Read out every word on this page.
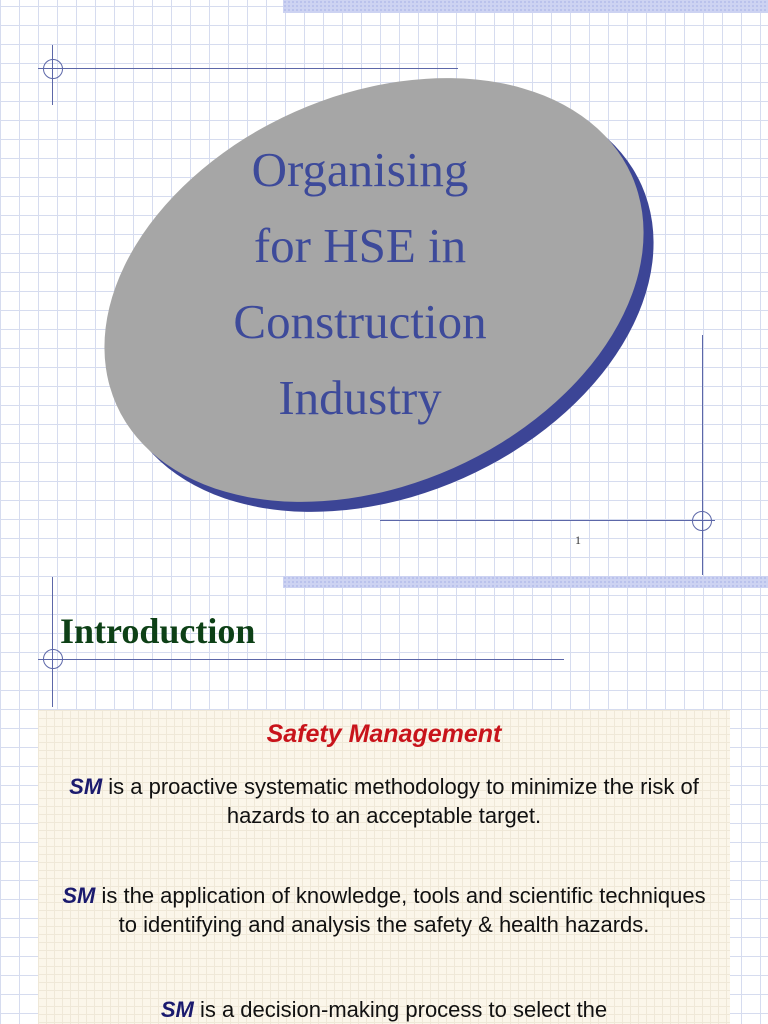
Organising
for HSE in
Construction
Industry
1
Introduction
Safety Management
SM is a proactive systematic methodology to minimize the risk of hazards to an acceptable target.
SM is the application of knowledge, tools and scientific techniques to identifying and analysis the safety & health hazards.
SM is a decision-making process to select the
